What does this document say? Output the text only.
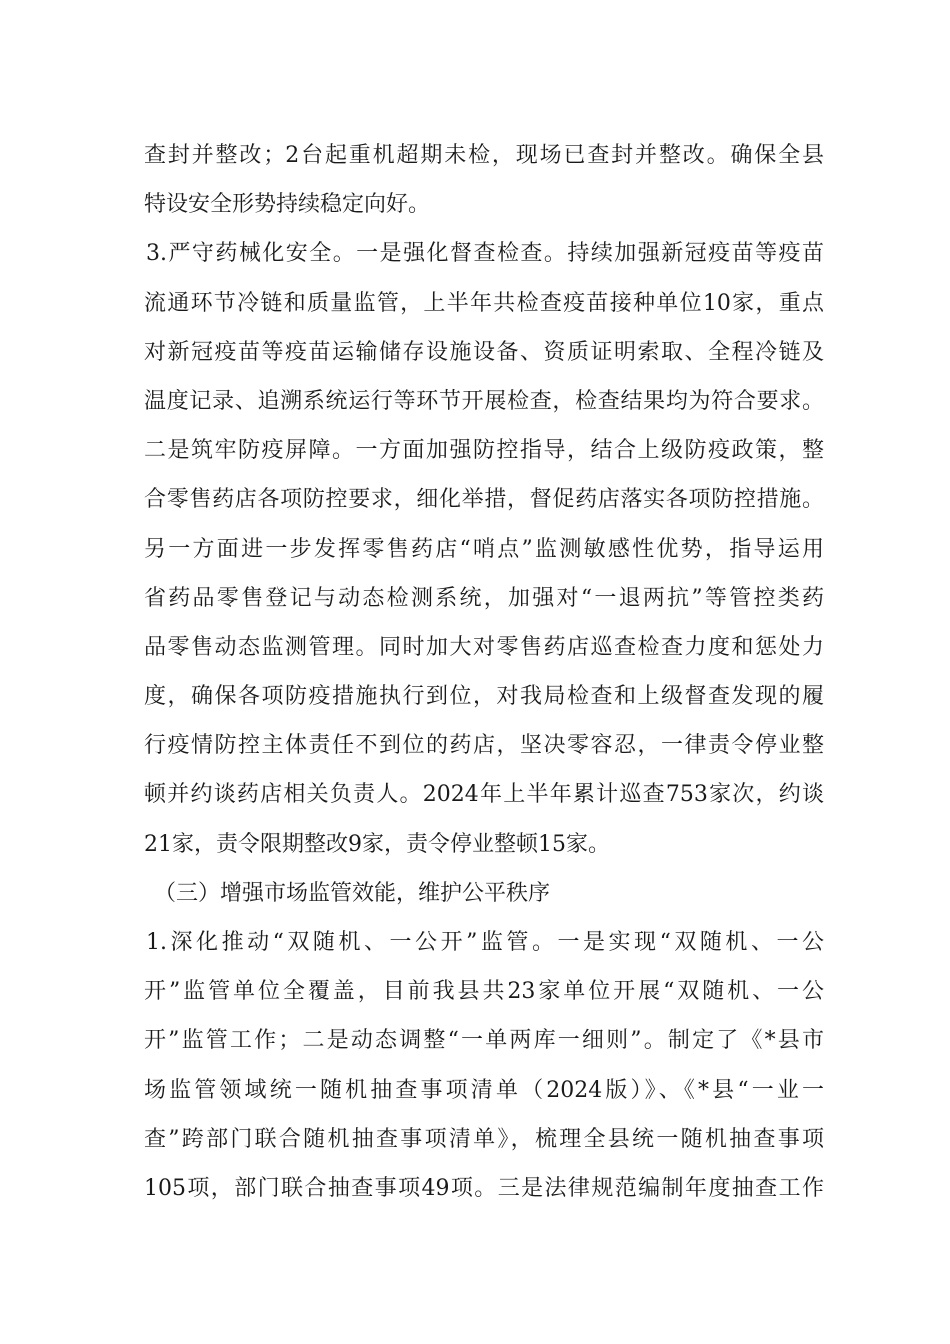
查封并整改；2台起重机超期未检，现场已查封并整改。确保全县
特设安全形势持续稳定向好。
3.严守药械化安全。一是强化督查检查。持续加强新冠疫苗等疫苗
流通环节冷链和质量监管，上半年共检查疫苗接种单位10家，重点
对新冠疫苗等疫苗运输储存设施设备、资质证明索取、全程冷链及
温度记录、追溯系统运行等环节开展检查，检查结果均为符合要求。
二是筑牢防疫屏障。一方面加强防控指导，结合上级防疫政策，整
合零售药店各项防控要求，细化举措，督促药店落实各项防控措施。
另一方面进一步发挥零售药店“哨点”监测敏感性优势，指导运用
省药品零售登记与动态检测系统，加强对“一退两抗”等管控类药
品零售动态监测管理。同时加大对零售药店巡查检查力度和惩处力
度，确保各项防疫措施执行到位，对我局检查和上级督查发现的履
行疫情防控主体责任不到位的药店，坚决零容忍，一律责令停业整
顿并约谈药店相关负责人。2024年上半年累计巡查753家次，约谈
21家，责令限期整改9家，责令停业整顿15家。
（三）增强市场监管效能，维护公平秩序
1.深化推动“双随机、一公开”监管。一是实现“双随机、一公
开”监管单位全覆盖，目前我县共23家单位开展“双随机、一公
开”监管工作；二是动态调整“一单两库一细则”。制定了《*县市
场监管领域统一随机抽查事项清单（2024版）》、《*县“一业一
查”跨部门联合随机抽查事项清单》，梳理全县统一随机抽查事项
105项，部门联合抽查事项49项。三是法律规范编制年度抽查工作
